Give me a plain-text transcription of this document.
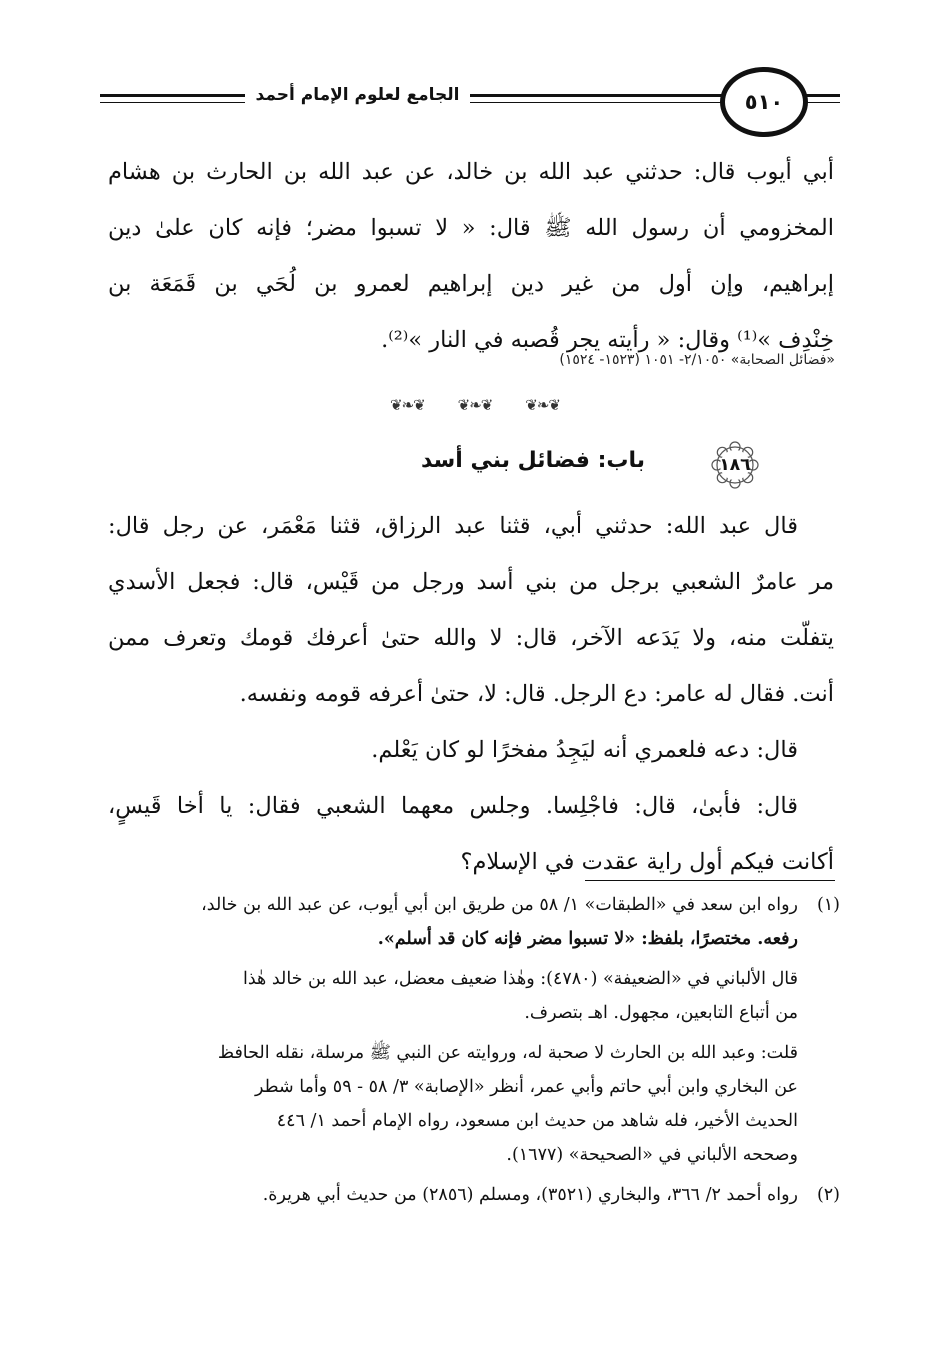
الجامع لعلوم الإمام أحمد	٥١٠
أبي أيوب قال: حدثني عبد الله بن خالد، عن عبد الله بن الحارث بن هشام
المخزومي أن رسول الله ﷺ قال: « لا تسبوا مضر؛ فإنه كان علىٰ دين
إبراهيم، وإن أول من غير دين إبراهيم لعمرو بن لُحَي بن قَمَعَة بن
خِنْدِف »⁽¹⁾ وقال: « رأيته يجر قُصبه في النار »⁽²⁾.
«فضائل الصحابة» ٢/١٠٥٠- ١٠٥١ (١٥٢٣- ١٥٢٤)
❦❧❦ ❦❧❦ ❦❧❦
باب: فضائل بني أسد	١٨٦
قال عبد الله: حدثني أبي، قثنا عبد الرزاق، قثنا مَعْمَر، عن رجل قال:
مر عامرٌ الشعبي برجل من بني أسد ورجل من قَيْس، قال: فجعل الأسدي
يتفلّت منه، ولا يَدَعه الآخر، قال: لا والله حتىٰ أعرفك قومك وتعرف ممن
أنت. فقال له عامر: دع الرجل. قال: لا، حتىٰ أعرفه قومه ونفسه.
قال: دعه فلعمري أنه ليَجِدُ مفخرًا لو كان يَعْلم.
قال: فأبىٰ، قال: فاجْلِسا. وجلس معهما الشعبي فقال: يا أخا قَيسٍ،
أكانت فيكم أول راية عقدت في الإسلام؟
(١)
رواه ابن سعد في «الطبقات» ١/ ٥٨ من طريق ابن أبي أيوب، عن عبد الله بن خالد،
رفعه. مختصرًا، بلفظ: «لا تسبوا مضر فإنه كان قد أسلم».
قال الألباني في «الضعيفة» (٤٧٨٠): وهٰذا ضعيف معضل، عبد الله بن خالد هٰذا
من أتباع التابعين، مجهول. اهـ بتصرف.
قلت: وعبد الله بن الحارث لا صحبة له، وروايته عن النبي ﷺ مرسلة، نقله الحافظ
عن البخاري وابن أبي حاتم وأبي عمر، أنظر «الإصابة» ٣/ ٥٨ - ٥٩ وأما شطر
الحديث الأخير، فله شاهد من حديث ابن مسعود، رواه الإمام أحمد ١/ ٤٤٦
وصححه الألباني في «الصحيحة» (١٦٧٧).
(٢)
رواه أحمد ٢/ ٣٦٦، والبخاري (٣٥٢١)، ومسلم (٢٨٥٦) من حديث أبي هريرة.
